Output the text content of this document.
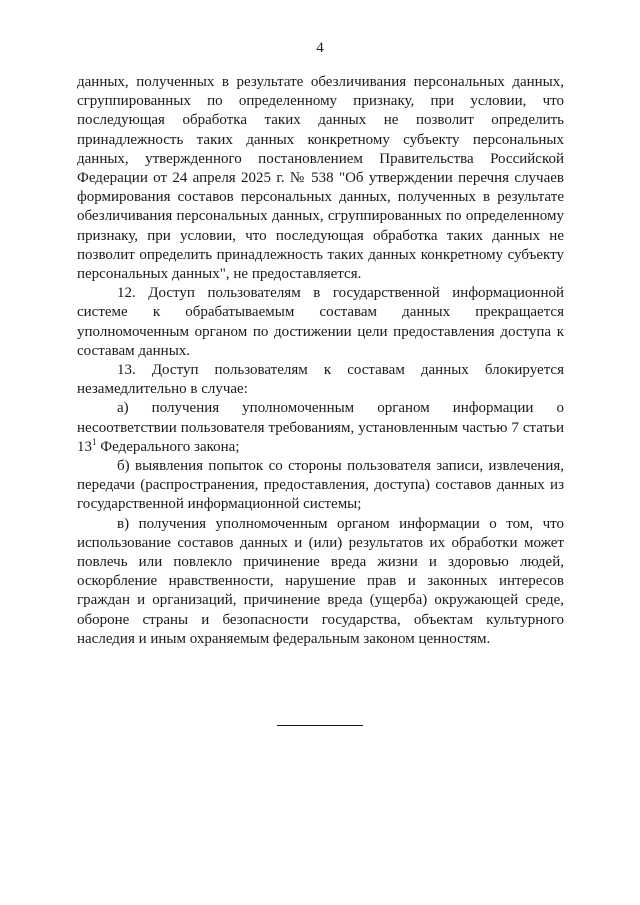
4

данных, полученных в результате обезличивания персональных данных, сгруппированных по определенному признаку, при условии, что последующая обработка таких данных не позволит определить принадлежность таких данных конкретному субъекту персональных данных, утвержденного постановлением Правительства Российской Федерации от 24 апреля 2025 г. № 538 "Об утверждении перечня случаев формирования составов персональных данных, полученных в результате обезличивания персональных данных, сгруппированных по определенному признаку, при условии, что последующая обработка таких данных не позволит определить принадлежность таких данных конкретному субъекту персональных данных", не предоставляется.

12. Доступ пользователям в государственной информационной системе к обрабатываемым составам данных прекращается уполномоченным органом по достижении цели предоставления доступа к составам данных.

13. Доступ пользователям к составам данных блокируется незамедлительно в случае:

а) получения уполномоченным органом информации о несоответствии пользователя требованиям, установленным частью 7 статьи $13^1$ Федерального закона;

б) выявления попыток со стороны пользователя записи, извлечения, передачи (распространения, предоставления, доступа) составов данных из государственной информационной системы;

в) получения уполномоченным органом информации о том, что использование составов данных и (или) результатов их обработки может повлечь или повлекло причинение вреда жизни и здоровью людей, оскорбление нравственности, нарушение прав и законных интересов граждан и организаций, причинение вреда (ущерба) окружающей среде, обороне страны и безопасности государства, объектам культурного наследия и иным охраняемым федеральным законом ценностям.
